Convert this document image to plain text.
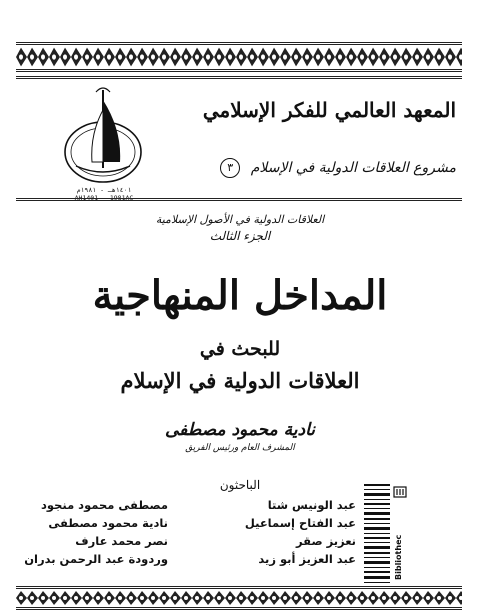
١٤٠١هـ - ١٩٨١م
AH1401 - 1981AC
المعهد العالمي للفكر الإسلامي
مشروع العلاقات الدولية في الإسلام ٣
العلاقات الدولية في الأصول الإسلامية
الجزء الثالث
المداخل المنهاجية
للبحث في
العلاقات الدولية في الإسلام
نادية محمود مصطفى
المشرف العام ورئيس الفريق
الباحثون
عبد الونيس شتا
عبد الفتاح إسماعيل
نعزيز صقر
عبد العزيز أبو زيد
مصطفى محمود منجود
نادية محمود مصطفى
نصر محمد عارف
وردودة عبد الرحمن بدران	Bibliothec
